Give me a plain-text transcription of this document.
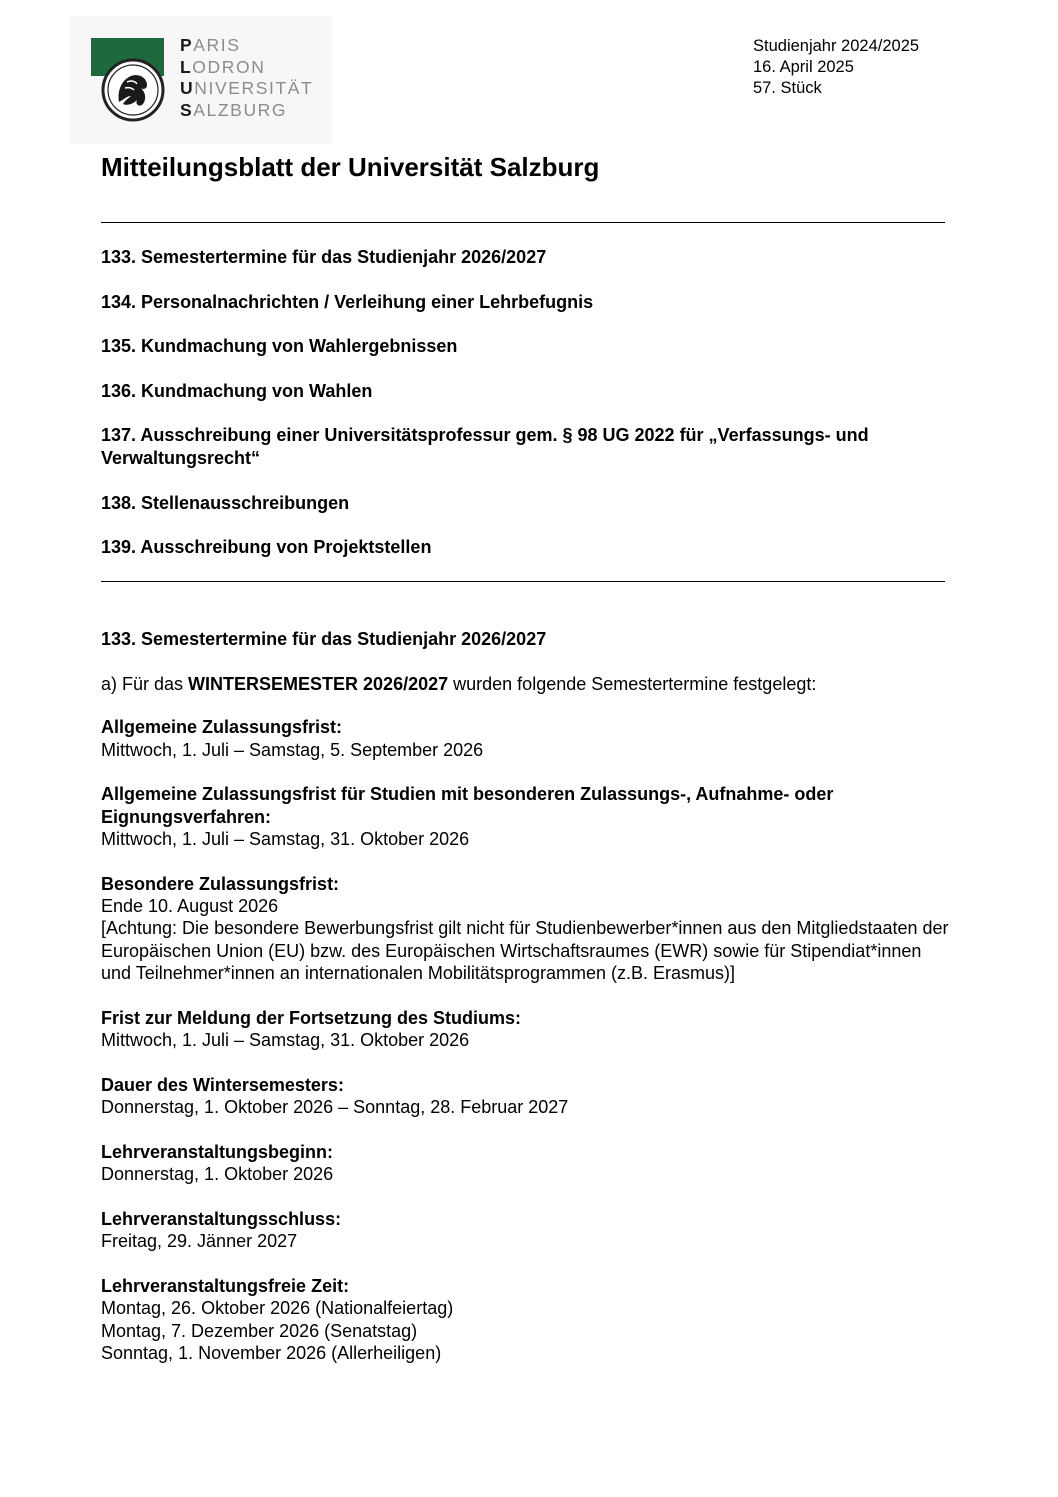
PARIS
LODRON
UNIVERSITÄT
SALZBURG
Studienjahr 2024/2025
16. April 2025
57. Stück
Mitteilungsblatt der Universität Salzburg
133. Semestertermine für das Studienjahr 2026/2027
134. Personalnachrichten / Verleihung einer Lehrbefugnis
135. Kundmachung von Wahlergebnissen
136. Kundmachung von Wahlen
137. Ausschreibung einer Universitätsprofessur gem. § 98 UG 2022 für „Verfassungs- und Verwaltungsrecht“
138. Stellenausschreibungen
139. Ausschreibung von Projektstellen
133. Semestertermine für das Studienjahr 2026/2027

a) Für das WINTERSEMESTER 2026/2027 wurden folgende Semestertermine festgelegt:

Allgemeine Zulassungsfrist:

Mittwoch, 1. Juli – Samstag, 5. September 2026

Allgemeine Zulassungsfrist für Studien mit besonderen Zulassungs-, Aufnahme- oder Eignungsverfahren:

Mittwoch, 1. Juli – Samstag, 31. Oktober 2026

Besondere Zulassungsfrist:

Ende 10. August 2026

[Achtung: Die besondere Bewerbungsfrist gilt nicht für Studienbewerber*innen aus den Mitgliedstaaten der Europäischen Union (EU) bzw. des Europäischen Wirtschaftsraumes (EWR) sowie für Stipendiat*innen und Teilnehmer*innen an internationalen Mobilitätsprogrammen (z.B. Erasmus)]

Frist zur Meldung der Fortsetzung des Studiums:

Mittwoch, 1. Juli – Samstag, 31. Oktober 2026

Dauer des Wintersemesters:

Donnerstag, 1. Oktober 2026 – Sonntag, 28. Februar 2027

Lehrveranstaltungsbeginn:

Donnerstag, 1. Oktober 2026

Lehrveranstaltungsschluss:

Freitag, 29. Jänner 2027

Lehrveranstaltungsfreie Zeit:

Montag, 26. Oktober 2026 (Nationalfeiertag)

Montag, 7. Dezember 2026 (Senatstag)

Sonntag, 1. November 2026 (Allerheiligen)
